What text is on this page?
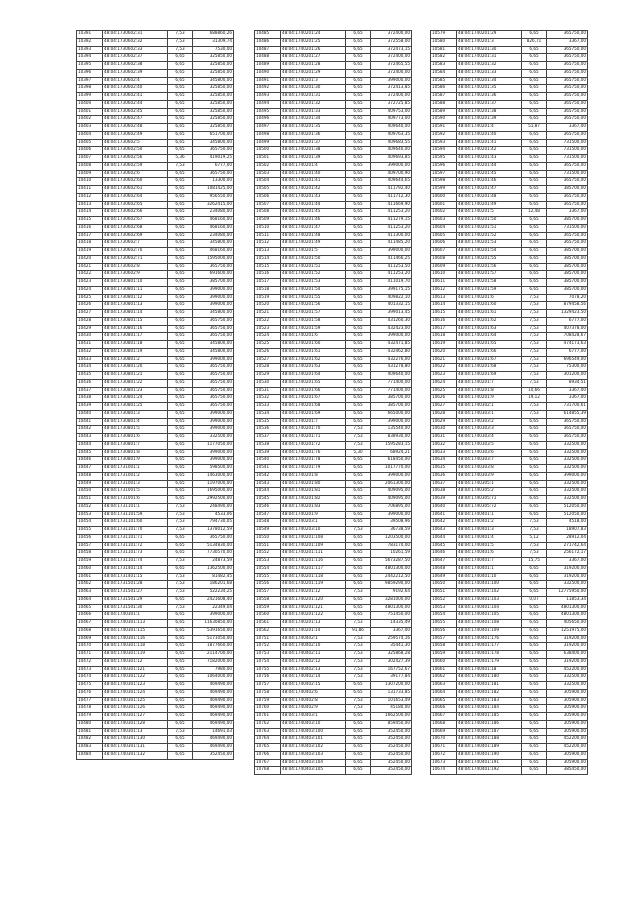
10391	48:04:1730602:31	7,53	688860,26
10392	48:04:1730602:32	7,53	31309,74
10393	48:04:1730602:33	7,53	7530,00
10394	48:04:1730602:37	6,65	325850,00
10395	48:04:1730602:38	6,65	325850,00
10396	48:04:1730602:39	6,65	325850,00
10397	48:04:1730602:4	6,65	345800,00
10398	48:04:1730602:40	6,65	325850,00
10399	48:04:1730602:41	6,65	325850,00
10400	48:04:1730602:44	6,65	325850,00
10401	48:04:1730602:45	6,65	325850,00
10402	48:04:1730602:47	6,65	325850,00
10403	48:04:1730602:48	6,65	325850,00
10404	48:04:1730602:49	6,65	651700,00
10405	48:04:1730602:5	6,65	345800,00
10406	48:04:1730602:50	6,65	365750,00
10407	48:04:1730602:56	5,36	419019,25
10408	48:04:1730602:59	7,53	6777,00
10409	48:04:1730602:6	6,65	365750,00
10410	48:04:1730602:60	6,65	13300,00
10411	48:04:1730602:61	6,65	1081425,00
10412	48:04:1730602:64	6,65	956550,00
10413	48:04:1730602:65	6,65	3262415,00
10414	48:04:1730602:66	6,65	234080,00
10415	48:04:1730602:67	6,65	468160,00
10416	48:04:1730602:68	6,65	468160,00
10417	48:04:1730602:69	6,65	234080,00
10418	48:04:1730602:7	6,65	345800,00
10419	48:04:1730602:70	6,65	468160,00
10420	48:04:1730602:71	6,65	1595000,00
10421	48:04:1730602:8	6,65	365750,00
10422	48:04:1730602:9	6,65	691600,00
10423	48:04:1730801:10	6,65	385700,00
10424	48:04:1730801:11	6,65	399000,00
10425	48:04:1730801:12	6,65	399000,00
10426	48:04:1730801:13	6,65	399000,00
10427	48:04:1730801:14	6,65	345800,00
10428	48:04:1730801:15	6,65	365750,00
10429	48:04:1730801:16	6,65	365750,00
10430	48:04:1730801:17	6,65	365750,00
10431	48:04:1730801:18	6,65	345800,00
10432	48:04:1730801:19	6,65	345800,00
10433	48:04:1730801:2	6,65	399000,00
10434	48:04:1730801:20	6,65	365750,00
10435	48:04:1730801:21	6,65	365750,00
10436	48:04:1730801:22	6,65	365750,00
10437	48:04:1730801:23	6,65	365750,00
10438	48:04:1730801:24	6,65	365750,00
10439	48:04:1730801:25	6,65	365750,00
10440	48:04:1730801:3	6,65	399000,00
10441	48:04:1730801:4	6,65	399000,00
10442	48:04:1730801:5	6,65	399000,00
10443	48:04:1730801:6	6,65	332500,00
10444	48:04:1730801:7	6,65	1177050,00
10445	48:04:1730801:8	6,65	399000,00
10446	48:04:1730801:9	6,65	399000,00
10447	48:04:1731001:1	6,65	598500,00
10448	48:04:1731001:2	6,65	1463000,00
10449	48:04:1731001:3	6,65	1197000,00
10450	48:04:1731001:5	6,65	1695000,00
10451	48:04:1731001:6	6,65	2992500,00
10452	48:04:1731101:1	7,53	248490,00
10453	48:04:1731101:59	7,53	4533,06
10454	48:04:1731101:60	7,53	794730,05
10455	48:04:1731101:70	7,53	1378012,59
10456	48:04:1731101:71	6,65	365750,00
10457	48:04:1731101:72	6,65	5134830,00
10458	48:04:1731101:73	6,65	7730570,00
10459	48:04:1731101:74	7,53	24873,59
10460	48:04:1731401:14	6,65	1362500,00
10461	48:04:1731401:15	7,53	81482,45
10462	48:04:1731501:28	7,53	186201,68
10463	48:04:1731501:27	7,53	522234,25
10464	48:04:1731501:29	6,65	2421608,40
10465	48:04:1731501:30	7,53	22349,04
10466	48:04:1740301:1	6,65	399000,00
10467	48:04:1740301:113	6,65	11630850,00
10468	48:04:1740301:115	6,65	5391650,00
10469	48:04:1740301:116	6,65	5171050,00
10470	48:04:1740301:118	6,65	1877660,00
10471	48:04:1740301:119	6,65	2114700,00
10472	48:04:1740301:12	6,65	7182000,00
10473	48:04:1740301:121	6,65	7980,00
10474	48:04:1740301:122	6,65	1064000,00
10475	48:04:1740301:123	6,65	469490,00
10476	48:04:1740301:124	6,65	469490,00
10477	48:04:1740301:125	6,65	469490,00
10478	48:04:1740301:126	6,65	469490,00
10479	48:04:1740301:127	6,65	469490,00
10480	48:04:1740301:128	6,65	469490,00
10481	48:04:1740301:13	7,53	14691,03
10482	48:04:1740301:130	6,65	469490,00
10483	48:04:1740301:131	6,65	469490,00
10484	48:04:1740301:132	6,65	352450,00
10485	48:04:1740201:24	6,65	372400,00
10486	48:04:1740201:25	6,65	372558,00
10487	48:04:1740201:26	6,65	372473,15
10488	48:04:1740201:27	6,65	372400,00
10489	48:04:1740201:28	6,65	372465,55
10490	48:04:1740201:29	6,65	372400,00
10491	48:04:1740201:3	6,65	399000,00
10492	48:04:1740201:30	6,65	372413,85
10493	48:04:1740201:31	6,65	372400,00
10494	48:04:1740201:32	6,65	372725,85
10495	48:04:1740201:33	6,65	409753,00
10496	48:04:1740201:34	6,65	409773,00
10497	48:04:1740201:35	6,65	409640,00
10498	48:04:1740201:36	6,65	409763,35
10499	48:04:1740201:37	6,65	409683,55
10500	48:04:1740201:38	6,65	409640,00
10501	48:04:1740201:39	6,65	409693,85
10502	48:04:1740201:4	6,65	399000,00
10503	48:04:1740201:40	6,65	409700,90
10504	48:04:1740201:41	6,65	409644,65
10505	48:04:1740201:42	6,65	411792,40
10506	48:04:1740201:43	6,65	411712,30
10507	48:04:1740201:44	6,65	411669,90
10508	48:04:1740201:45	6,65	411253,20
10509	48:04:1740201:46	6,65	411279,15
10510	48:04:1740201:47	6,65	411253,20
10511	48:04:1740201:48	6,65	411300,00
10512	48:04:1740201:49	6,65	411485,20
10513	48:04:1740201:5	6,65	399000,00
10514	48:04:1740201:50	6,65	411466,25
10515	48:04:1740201:51	6,65	411253,50
10516	48:04:1740201:52	6,65	411253,20
10517	48:04:1740201:53	6,65	411019,70
10518	48:04:1740201:54	6,65	399175,15
10519	48:04:1740201:55	6,65	409822,10
10520	48:04:1740201:56	6,65	401332,15
10521	48:04:1740201:57	6,65	399013,45
10522	48:04:1740201:58	6,65	431260,30
10523	48:04:1740201:59	6,65	432423,00
10524	48:04:1740201:6	6,65	399000,00
10525	48:04:1740201:60	6,65	432471,85
10526	48:04:1740201:61	6,65	432462,80
10527	48:04:1740201:62	6,65	432276,00
10528	48:04:1740201:63	6,65	431278,80
10529	48:04:1740201:64	6,65	409640,00
10530	48:04:1740201:65	6,65	771400,00
10531	48:04:1740201:66	6,65	771400,00
10532	48:04:1740201:67	6,65	385700,00
10533	48:04:1740201:68	6,65	385700,00
10534	48:04:1740201:69	6,65	665000,00
10535	48:04:1740201:7	6,65	399000,00
10536	48:04:1740201:70	7,53	135540,00
10537	48:04:1740201:71	7,53	838930,00
10538	48:04:1740201:72	7,53	1595283,15
10539	48:04:1740201:76	5,30	68924,21
10540	48:04:1740201:78	6,65	618450,00
10541	48:04:1740201:79	6,65	1017770,00
10542	48:04:1740201:8	6,65	399000,00
10543	48:04:1740201:80	6,65	2061300,00
10544	48:04:1740201:81	6,65	409095,00
10545	48:04:1740201:82	6,65	409095,00
10546	48:04:1740201:83	6,65	706895,00
10547	48:04:1740201:9	6,65	399000,00
10548	48:04:1740203:1	6,65	39508,96
10549	48:04:1740203:10	7,53	36738,59
10550	48:04:1740201:108	6,65	1203500,00
10551	48:04:1740201:109	6,65	783170,00
10552	48:04:1740201:111	6,65	10261,59
10553	48:04:1740201:116	6,65	5673287,50
10554	48:04:1740201:117	6,65	4801300,00
10555	48:04:1740201:118	6,65	2442212,50
10556	48:04:1740201:119	6,65	9859290,00
10557	48:04:1740201:12	7,53	9192,64
10558	48:04:1740201:120	6,65	3281000,00
10559	48:04:1740201:121	6,65	4801300,00
10560	48:04:1740201:122	6,65	751450,00
10561	48:04:1740201:13	7,53	14335,49
10562	48:04:1740201:14	91,86	3367,00
10751	48:04:1740402:1	7,53	259574,16
10752	48:04:1740402:10	7,53	35441,30
10753	48:04:1740402:11	7,53	325868,28
10754	48:04:1740402:12	7,53	302427,39
10755	48:04:1740402:13	7,53	167752,67
10756	48:04:1740402:14	7,53	39177,84
10757	48:04:1740402:15	6,65	1307200,00
10758	48:04:1740402:6	6,65	131733,85
10759	48:04:1740402:8	7,53	101653,49
10760	48:04:1740402:9	7,53	45180,00
10761	48:04:1740403:1	6,65	1662500,00
10762	48:04:1740403:10	6,65	859450,00
10763	48:04:1740403:100	6,65	352450,00
10764	48:04:1740403:101	6,65	352450,00
10765	48:04:1740403:102	6,65	352450,00
10766	48:04:1740403:103	6,65	352450,00
10767	48:04:1740403:104	6,65	352450,00
10768	48:04:1740403:105	6,65	352450,00
10579	48:04:1740201:29	6,65	365750,00
10580	48:04:1740201:3	826,71	3367,00
10581	48:04:1740201:30	6,65	365750,00
10582	48:04:1740201:31	6,65	365750,00
10583	48:04:1740201:32	6,65	365750,00
10584	48:04:1740201:33	6,65	365750,00
10585	48:04:1740201:34	6,65	365750,00
10586	48:04:1740201:35	6,65	365750,00
10587	48:04:1740201:36	6,65	365750,00
10588	48:04:1740201:37	6,65	365750,00
10589	48:04:1740201:38	6,65	365750,00
10590	48:04:1740201:39	6,65	365750,00
10591	48:04:1740201:4	51,87	3367,00
10592	48:04:1740201:40	6,65	365750,00
10593	48:04:1740201:41	6,65	731500,00
10594	48:04:1740201:42	6,65	731500,00
10595	48:04:1740201:43	6,65	731500,00
10596	48:04:1740201:44	6,65	365750,00
10597	48:04:1740201:45	6,65	731500,00
10598	48:04:1740201:46	6,65	365750,00
10599	48:04:1740201:47	6,65	385700,00
10600	48:04:1740201:48	6,65	365750,00
10601	48:04:1740201:49	6,65	365750,00
10602	48:04:1740201:5	12,48	3367,00
10603	48:04:1740201:50	6,65	385700,00
10604	48:04:1740201:51	6,65	731500,00
10605	48:04:1740201:52	6,65	365750,00
10606	48:04:1740201:53	6,65	365750,00
10607	48:04:1740201:54	6,65	385700,00
10608	48:04:1740201:55	6,65	385700,00
10609	48:04:1740201:56	6,65	385700,00
10610	48:04:1740201:57	6,65	385700,00
10611	48:04:1740201:58	6,65	385700,00
10612	48:04:1740201:59	6,65	385700,00
10613	48:04:1740201:6	7,53	7078,20
10614	48:04:1740201:60	7,53	879458,56
10615	48:04:1740201:61	7,53	1329423,50
10616	48:04:1740201:62	7,53	6777,00
10617	48:04:1740201:63	7,53	407378,00
10618	48:04:1740201:64	7,53	708428,67
10619	48:04:1740201:65	7,53	474173,63
10620	48:04:1740201:66	7,53	6777,00
10621	48:04:1740201:67	7,53	696549,00
10622	48:04:1740201:68	7,53	75300,00
10623	48:04:1740201:69	7,53	301200,00
10624	48:04:1740201:7	7,53	8934,51
10625	48:04:1740201:8	10,66	3367,00
10626	48:04:1740201:9	19,12	3367,00
10627	48:04:1740302:1	7,53	731700,61
10628	48:04:1740303:1	7,53	614855,39
10629	48:04:1740303:2	6,65	365750,00
10630	48:04:1740303:3	6,65	365750,00
10631	48:04:1740303:4	6,65	365750,00
10632	48:04:1740303:5	6,65	332500,00
10633	48:04:1740303:6	6,65	332500,00
10634	48:04:1740303:7	6,65	332500,00
10635	48:04:1740303:8	6,65	332500,00
10636	48:04:1740303:9	6,65	399000,00
10637	48:04:1740305:1	6,65	332500,00
10638	48:04:1740305:2	6,65	332500,00
10639	48:04:1740305:71	6,65	332500,00
10640	48:04:1740305:72	6,65	512050,00
10641	48:04:1740401:1	6,65	512050,00
10642	48:04:1740401:2	7,53	4518,00
10643	48:04:1740401:3	7,53	18907,83
10644	48:04:1740401:4	5,12	28912,04
10645	48:04:1740401:5	7,53	271742,64
10646	48:04:1740401:6	7,53	256172,17
10647	48:04:1740401:7	15,75	3367,00
10648	48:04:1740401:1	6,65	319200,00
10649	48:04:1740401:10	6,65	319200,00
10650	48:04:1740401:100	6,65	332500,00
10651	48:04:1740401:102	6,65	12775950,00
10652	48:04:1740401:103	0,07	11853,34
10653	48:04:1740401:104	6,65	4801300,00
10654	48:04:1740401:105	6,65	4801300,00
10655	48:04:1740401:108	6,65	405650,00
10656	48:04:1740401:109	6,65	1251975,00
10657	48:04:1740401:176	6,65	319200,00
10658	48:04:1740401:177	6,65	319200,00
10659	48:04:1740401:178	6,65	638400,00
10660	48:04:1740401:179	6,65	319200,00
10661	48:04:1740401:18	6,65	452200,00
10662	48:04:1740401:180	6,65	332500,00
10663	48:04:1740401:181	6,65	332500,00
10664	48:04:1740401:182	6,65	305900,00
10665	48:04:1740401:183	6,65	305900,00
10666	48:04:1740401:184	6,65	305900,00
10667	48:04:1740401:185	6,65	305900,00
10668	48:04:1740401:186	6,65	305900,00
10669	48:04:1740401:187	6,65	305900,00
10670	48:04:1740401:188	6,65	452200,00
10671	48:04:1740401:189	6,65	452200,00
10672	48:04:1740401:190	6,65	305900,00
10673	48:04:1740401:191	6,65	305900,00
10674	48:04:1740401:192	6,65	385450,00
